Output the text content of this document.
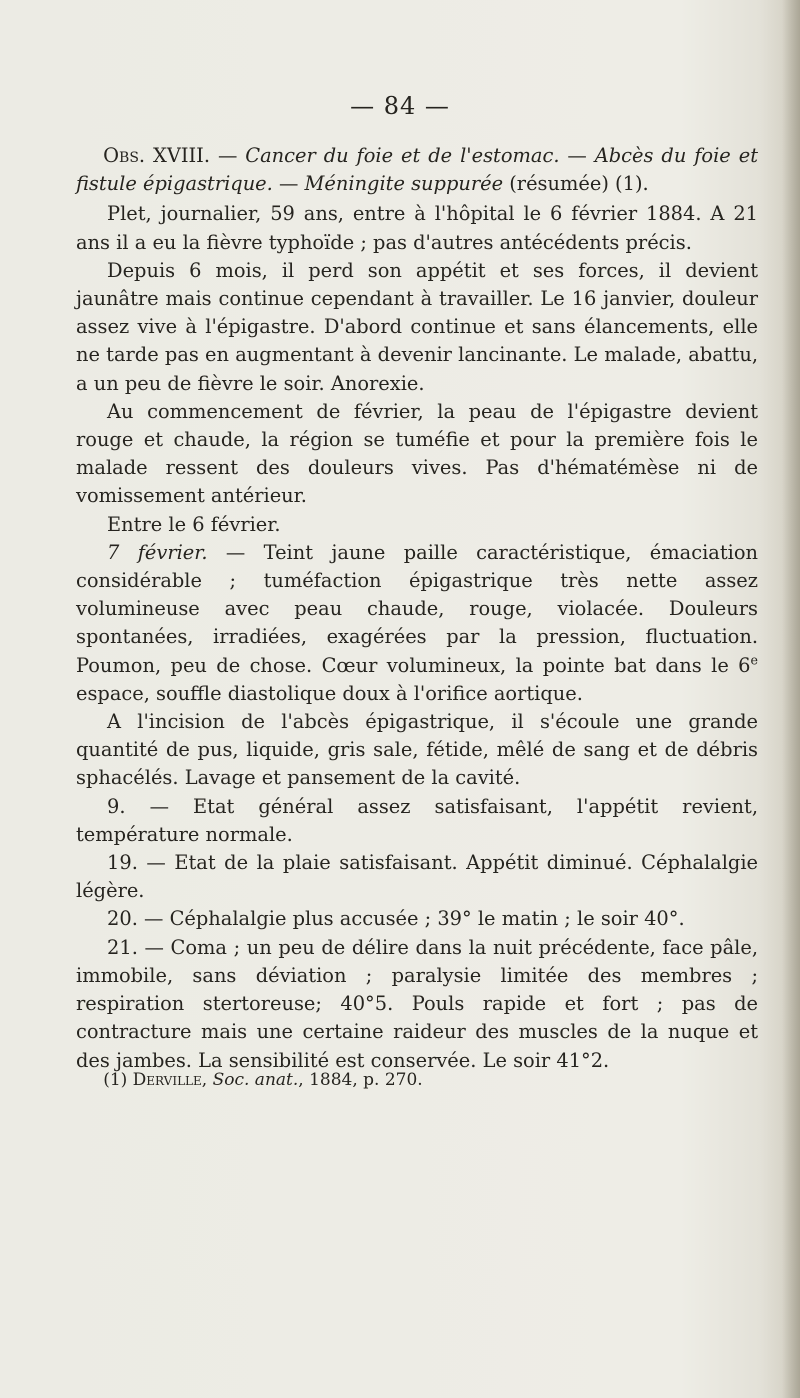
— 84 —

Obs. XVIII. — Cancer du foie et de l'estomac. — Abcès du foie et fistule épigastrique. — Méningite suppurée (résumée) (1).

Plet, journalier, 59 ans, entre à l'hôpital le 6 février 1884. A 21 ans il a eu la fièvre typhoïde ; pas d'autres antécédents précis.

Depuis 6 mois, il perd son appétit et ses forces, il devient jaunâtre mais continue cependant à travailler. Le 16 janvier, douleur assez vive à l'épigastre. D'abord continue et sans élancements, elle ne tarde pas en augmentant à devenir lancinante. Le malade, abattu, a un peu de fièvre le soir. Anorexie.

Au commencement de février, la peau de l'épigastre devient rouge et chaude, la région se tuméfie et pour la première fois le malade ressent des douleurs vives. Pas d'hématémèse ni de vomissement antérieur.

Entre le 6 février.

7 février. — Teint jaune paille caractéristique, émaciation considérable ; tuméfaction épigastrique très nette assez volumineuse avec peau chaude, rouge, violacée. Douleurs spontanées, irradiées, exagérées par la pression, fluctuation. Poumon, peu de chose. Cœur volumineux, la pointe bat dans le 6e espace, souffle diastolique doux à l'orifice aortique.

A l'incision de l'abcès épigastrique, il s'écoule une grande quantité de pus, liquide, gris sale, fétide, mêlé de sang et de débris sphacélés. Lavage et pansement de la cavité.

9. — Etat général assez satisfaisant, l'appétit revient, température normale.

19. — Etat de la plaie satisfaisant. Appétit diminué. Céphalalgie légère.

20. — Céphalalgie plus accusée ; 39° le matin ; le soir 40°.

21. — Coma ; un peu de délire dans la nuit précédente, face pâle, immobile, sans déviation ; paralysie limitée des membres ; respiration stertoreuse; 40°5. Pouls rapide et fort ; pas de contracture mais une certaine raideur des muscles de la nuque et des jambes. La sensibilité est conservée. Le soir 41°2.

(1) Derville, Soc. anat., 1884, p. 270.
